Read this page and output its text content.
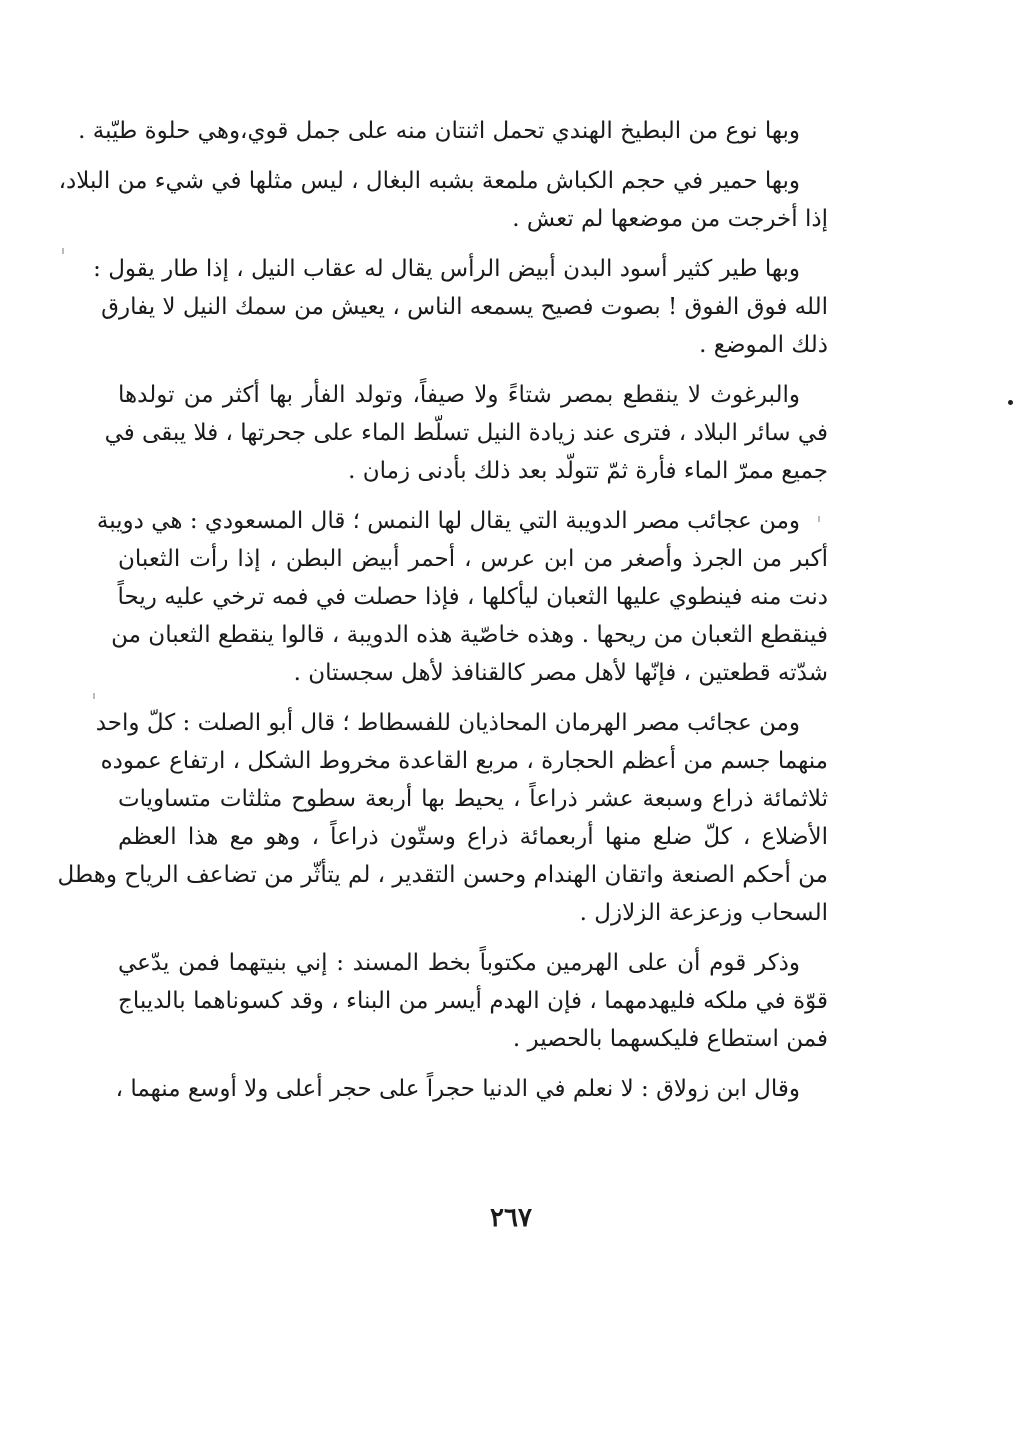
وبها نوع من البطيخ الهندي تحمل اثنتان منه على جمل قوي،وهي حلوة طيّبة .
وبها حمير في حجم الكباش ملمعة بشبه البغال ، ليس مثلها في شيء من البلاد،
إذا أخرجت من موضعها لم تعش .
وبها طير كثير أسود البدن أبيض الرأس يقال له عقاب النيل ، إذا طار يقول :
الله فوق الفوق ! بصوت فصيح يسمعه الناس ، يعيش من سمك النيل لا يفارق
ذلك الموضع .
والبرغوث لا ينقطع بمصر شتاءً ولا صيفاً، وتولد الفأر بها أكثر من تولدها
في سائر البلاد ، فترى عند زيادة النيل تسلّط الماء على جحرتها ، فلا يبقى في
جميع ممرّ الماء فأرة ثمّ تتولّد بعد ذلك بأدنى زمان .
ومن عجائب مصر الدويبة التي يقال لها النمس ؛ قال المسعودي : هي دويبة
أكبر من الجرذ وأصغر من ابن عرس ، أحمر أبيض البطن ، إذا رأت الثعبان
دنت منه فينطوي عليها الثعبان ليأكلها ، فإذا حصلت في فمه ترخي عليه ريحاً
فينقطع الثعبان من ريحها . وهذه خاصّية هذه الدويبة ، قالوا ينقطع الثعبان من
شدّته قطعتين ، فإنّها لأهل مصر كالقنافذ لأهل سجستان .
ومن عجائب مصر الهرمان المحاذيان للفسطاط ؛ قال أبو الصلت : كلّ واحد
منهما جسم من أعظم الحجارة ، مربع القاعدة مخروط الشكل ، ارتفاع عموده
ثلاثمائة ذراع وسبعة عشر ذراعاً ، يحيط بها أربعة سطوح مثلثات متساويات
الأضلاع ، كلّ ضلع منها أربعمائة ذراع وستّون ذراعاً ، وهو مع هذا العظم
من أحكم الصنعة واتقان الهندام وحسن التقدير ، لم يتأثّر من تضاعف الرياح وهطل
السحاب وزعزعة الزلازل .
وذكر قوم أن على الهرمين مكتوباً بخط المسند : إني بنيتهما فمن يدّعي
قوّة في ملكه فليهدمهما ، فإن الهدم أيسر من البناء ، وقد كسوناهما بالديباج
فمن استطاع فليكسهما بالحصير .
وقال ابن زولاق : لا نعلم في الدنيا حجراً على حجر أعلى ولا أوسع منهما ،
٢٦٧
